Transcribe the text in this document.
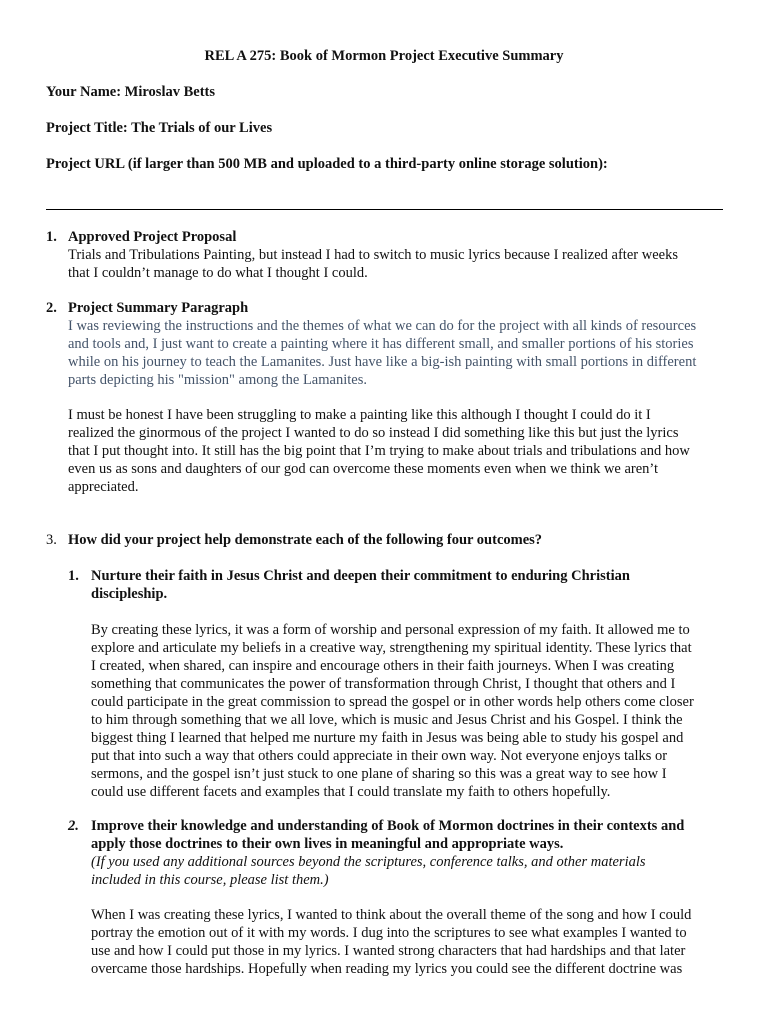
REL A 275: Book of Mormon Project Executive Summary
Your Name: Miroslav Betts
Project Title: The Trials of our Lives
Project URL (if larger than 500 MB and uploaded to a third-party online storage solution):
1. Approved Project Proposal
Trials and Tribulations Painting, but instead I had to switch to music lyrics because I realized after weeks
that I couldn’t manage to do what I thought I could.
2. Project Summary Paragraph
I was reviewing the instructions and the themes of what we can do for the project with all kinds of resources
and tools and, I just want to create a painting where it has different small, and smaller portions of his stories
while on his journey to teach the Lamanites. Just have like a big-ish painting with small portions in different
parts depicting his "mission" among the Lamanites.
I must be honest I have been struggling to make a painting like this although I thought I could do it I
realized the ginormous of the project I wanted to do so instead I did something like this but just the lyrics
that I put thought into. It still has the big point that I’m trying to make about trials and tribulations and how
even us as sons and daughters of our god can overcome these moments even when we think we aren’t
appreciated.
3. How did your project help demonstrate each of the following four outcomes?
1. Nurture their faith in Jesus Christ and deepen their commitment to enduring Christian
discipleship.
By creating these lyrics, it was a form of worship and personal expression of my faith. It allowed me to
explore and articulate my beliefs in a creative way, strengthening my spiritual identity. These lyrics that
I created, when shared, can inspire and encourage others in their faith journeys. When I was creating
something that communicates the power of transformation through Christ, I thought that others and I
could participate in the great commission to spread the gospel or in other words help others come closer
to him through something that we all love, which is music and Jesus Christ and his Gospel. I think the
biggest thing I learned that helped me nurture my faith in Jesus was being able to study his gospel and
put that into such a way that others could appreciate in their own way. Not everyone enjoys talks or
sermons, and the gospel isn’t just stuck to one plane of sharing so this was a great way to see how I
could use different facets and examples that I could translate my faith to others hopefully.
2. Improve their knowledge and understanding of Book of Mormon doctrines in their contexts and
apply those doctrines to their own lives in meaningful and appropriate ways.
(If you used any additional sources beyond the scriptures, conference talks, and other materials
included in this course, please list them.)
When I was creating these lyrics, I wanted to think about the overall theme of the song and how I could
portray the emotion out of it with my words. I dug into the scriptures to see what examples I wanted to
use and how I could put those in my lyrics. I wanted strong characters that had hardships and that later
overcame those hardships. Hopefully when reading my lyrics you could see the different doctrine was
